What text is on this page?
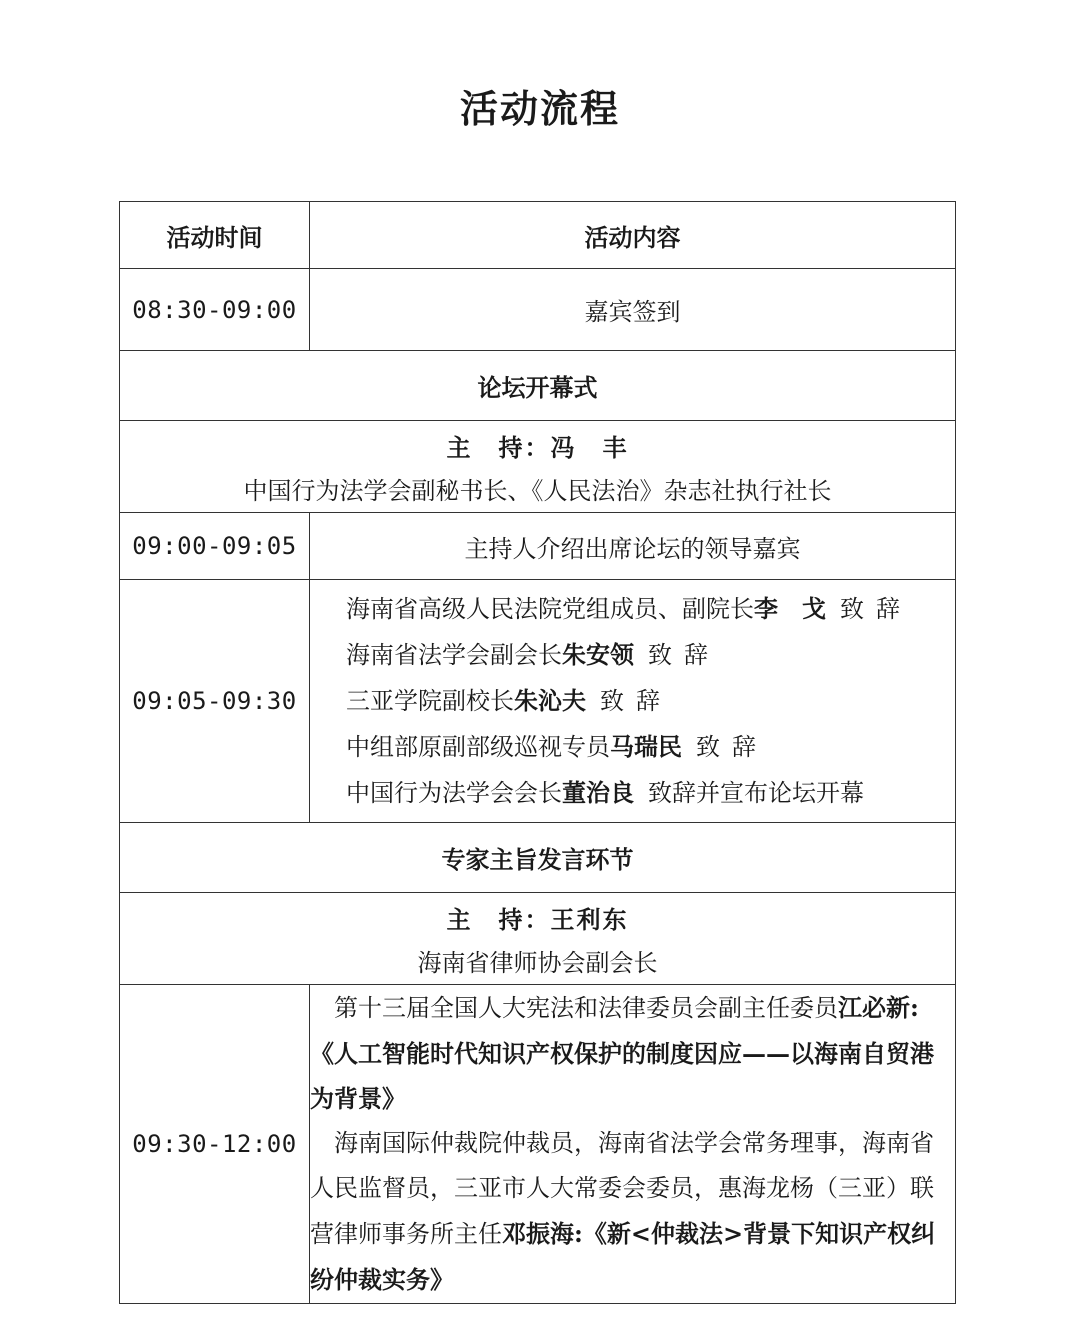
活动流程
活动时间	活动内容
08:30-09:00	嘉宾签到
论坛开幕式	

主　持：冯　丰
中国行为法学会副秘书长、《人民法治》杂志社执行社长	

09:00-09:05	主持人介绍出席论坛的领导嘉宾
09:05-09:30	海南省高级人民法院党组成员、副院长李　戈 致辞
海南省法学会副会长朱安领 致辞
三亚学院副校长朱沁夫 致辞
中组部原副部级巡视专员马瑞民 致辞
中国行为法学会会长董治良 致辞并宣布论坛开幕

专家主旨发言环节	

主　持：王利东
海南省律师协会副会长	

09:30-12:00	第十三届全国人大宪法和法律委员会副主任委员江必新:

《人工智能时代知识产权保护的制度因应——以海南自贸港为背景》

海南国际仲裁院仲裁员，海南省法学会常务理事，海南省人民监督员，三亚市人大常委会委员，惠海龙杨（三亚）联营律师事务所主任邓振海:《新<仲裁法>背景下知识产权纠纷仲裁实务》
